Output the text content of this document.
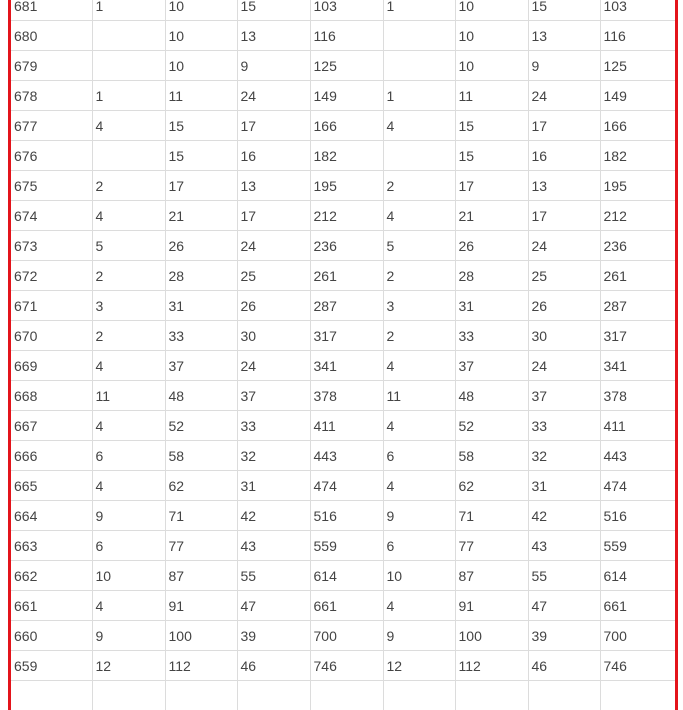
681	1	10	15	103	1	10	15	103
680		10	13	116		10	13	116
679		10	9	125		10	9	125
678	1	11	24	149	1	11	24	149
677	4	15	17	166	4	15	17	166
676		15	16	182		15	16	182
675	2	17	13	195	2	17	13	195
674	4	21	17	212	4	21	17	212
673	5	26	24	236	5	26	24	236
672	2	28	25	261	2	28	25	261
671	3	31	26	287	3	31	26	287
670	2	33	30	317	2	33	30	317
669	4	37	24	341	4	37	24	341
668	11	48	37	378	11	48	37	378
667	4	52	33	411	4	52	33	411
666	6	58	32	443	6	58	32	443
665	4	62	31	474	4	62	31	474
664	9	71	42	516	9	71	42	516
663	6	77	43	559	6	77	43	559
662	10	87	55	614	10	87	55	614
661	4	91	47	661	4	91	47	661
660	9	100	39	700	9	100	39	700
659	12	112	46	746	12	112	46	746
